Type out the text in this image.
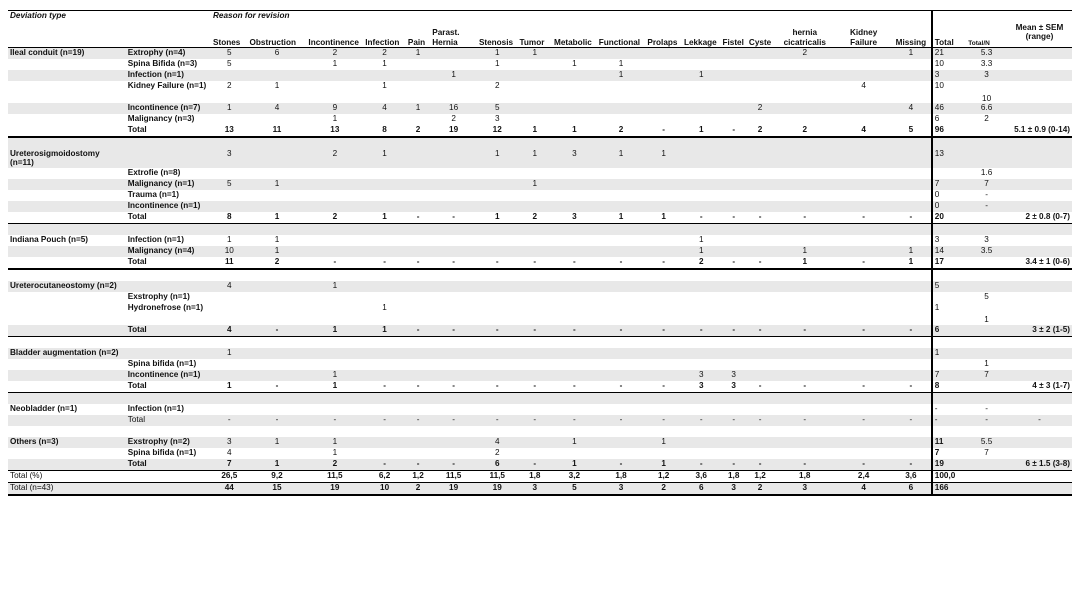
Deviation type		Reason for revision																			
		Stones	Obstruction	Incontinence	Infection	Pain	Parast. Hernia	Stenosis	Tumor	Metabolic	Functional	Prolaps	Lekkage	Fistel	Cyste	hernia cicatricalis	Kidney Failure	Missing	Total	Total/N	Mean ± SEM (range)
Ileal conduit (n=19)	Extrophy (n=4)	5	6	2	2	1		1	1							2		1	21	5.3	
	Spina Bifida (n=3)	5		1	1			1		1	1								10	3.3	
	Infection (n=1)						1				1		1						3	3	
	Kidney Failure (n=1)	2	1		1			2									4		10	10	
	Incontinence (n=7)	1	4	9	4	1	16	5							2			4	46	6.6	
	Malignancy (n=3)			1			2	3											6	2	
	Total	13	11	13	8	2	19	12	1	1	2	-	1	-	2	2	4	5	96		5.1 ± 0.9 (0-14)

Ureterosigmoidostomy (n=11)		3		2	1			1	1	3	1	1							13		
	Extrofie (n=8)																			1.6	
	Malignancy (n=1)	5	1						1										7	7	
	Trauma (n=1)																		0	-	
	Incontinence (n=1)																		0	-	
	Total	8	1	2	1	-	-	1	2	3	1	1	-	-	-	-	-	-	20		2 ± 0.8 (0-7)

Indiana Pouch (n=5)	Infection (n=1)	1	1										1						3	3	
	Malignancy (n=4)	10	1										1			1		1	14	3.5	
	Total	11	2	-	-	-	-	-	-	-	-	-	2	-	-	1	-	1	17		3.4 ± 1 (0-6)

Ureterocutaneostomy (n=2)		4		1															5		
	Exstrophy (n=1)																			5	
	Hydronefrose (n=1)				1														1	1	
	Total	4	-	1	1	-	-	-	-	-	-	-	-	-	-	-	-	-	6		3 ± 2 (1-5)

Bladder augmentation (n=2)		1																	1		
	Spina bifida (n=1)																			1	
	Incontinence (n=1)			1									3	3					7	7	
	Total	1	-	1	-	-	-	-	-	-	-	-	3	3	-	-	-	-	8		4 ± 3 (1-7)

Neobladder (n=1)	Infection (n=1)																		-	-	
	Total	-	-	-	-	-	-	-	-	-	-	-	-	-	-	-	-	-	-	-	-

Others (n=3)	Exstrophy (n=2)	3	1	1				4		1		1							11	5.5	
	Spina bifida (n=1)	4		1				2											7	7	
	Total	7	1	2	-	-	-	6	-	1	-	1	-	-	-	-	-	-	19		6 ± 1.5 (3-8)
Total (%)		26,5	9,2	11,5	6,2	1,2	11,5	11,5	1,8	3,2	1,8	1,2	3,6	1,8	1,2	1,8	2,4	3,6	100,0		
Total (n=43)		44	15	19	10	2	19	19	3	5	3	2	6	3	2	3	4	6	166		
